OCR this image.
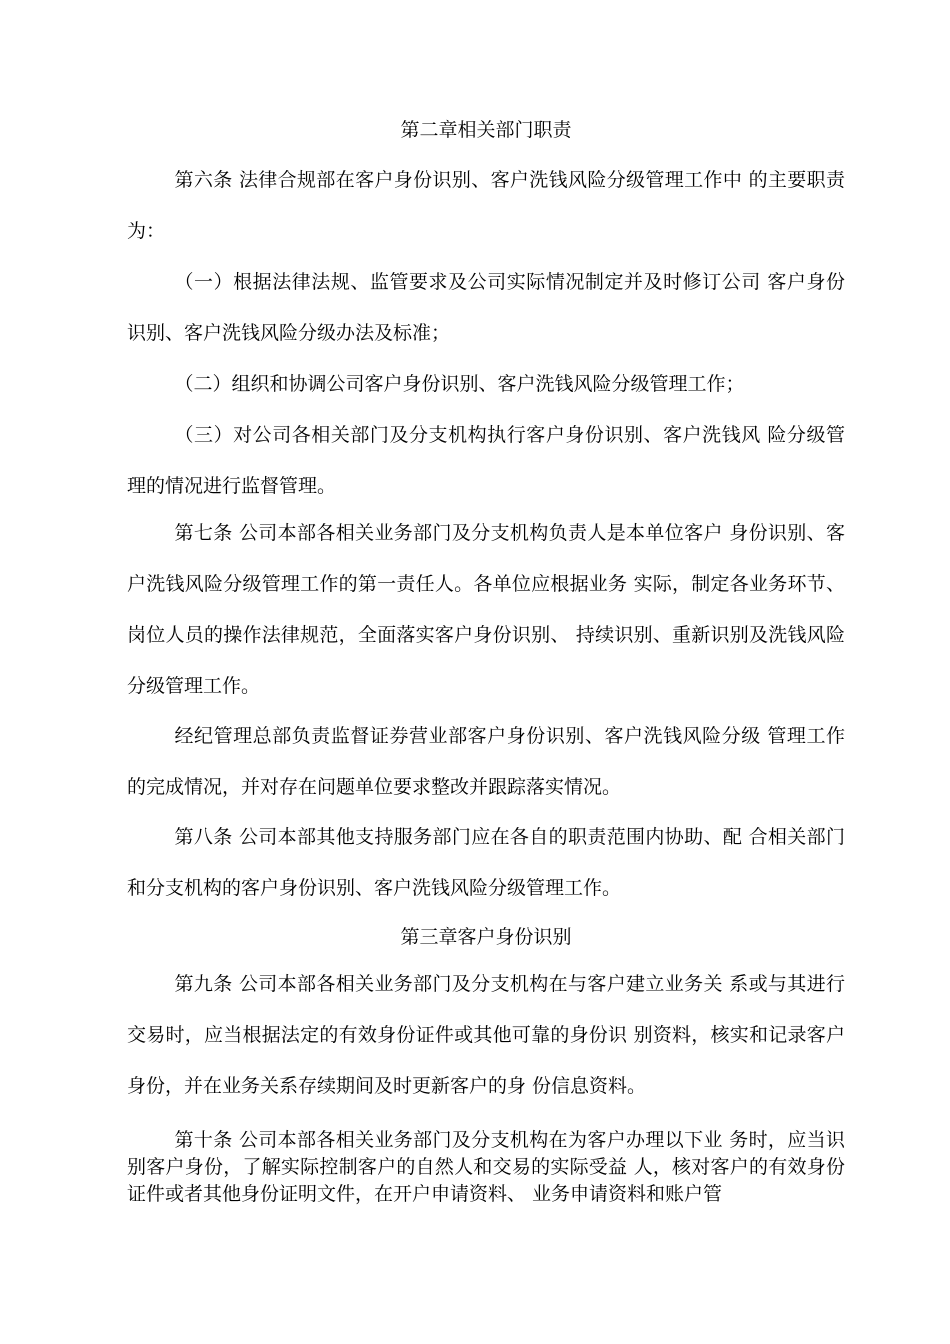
第二章相关部门职责

第六条 法律合规部在客户身份识别、客户洗钱风险分级管理工作中 的主要职责为：

（一）根据法律法规、监管要求及公司实际情况制定并及时修订公司 客户身份识别、客户洗钱风险分级办法及标准；

（二）组织和协调公司客户身份识别、客户洗钱风险分级管理工作；

（三）对公司各相关部门及分支机构执行客户身份识别、客户洗钱风 险分级管理的情况进行监督管理。

第七条 公司本部各相关业务部门及分支机构负责人是本单位客户 身份识别、客户洗钱风险分级管理工作的第一责任人。各单位应根据业务 实际，制定各业务环节、岗位人员的操作法律规范，全面落实客户身份识别、 持续识别、重新识别及洗钱风险分级管理工作。

经纪管理总部负责监督证券营业部客户身份识别、客户洗钱风险分级 管理工作的完成情况，并对存在问题单位要求整改并跟踪落实情况。

第八条 公司本部其他支持服务部门应在各自的职责范围内协助、配 合相关部门和分支机构的客户身份识别、客户洗钱风险分级管理工作。

第三章客户身份识别

第九条 公司本部各相关业务部门及分支机构在与客户建立业务关 系或与其进行交易时，应当根据法定的有效身份证件或其他可靠的身份识 别资料，核实和记录客户身份，并在业务关系存续期间及时更新客户的身 份信息资料。

第十条 公司本部各相关业务部门及分支机构在为客户办理以下业 务时，应当识别客户身份，了解实际控制客户的自然人和交易的实际受益 人，核对客户的有效身份证件或者其他身份证明文件，在开户申请资料、 业务申请资料和账户管
